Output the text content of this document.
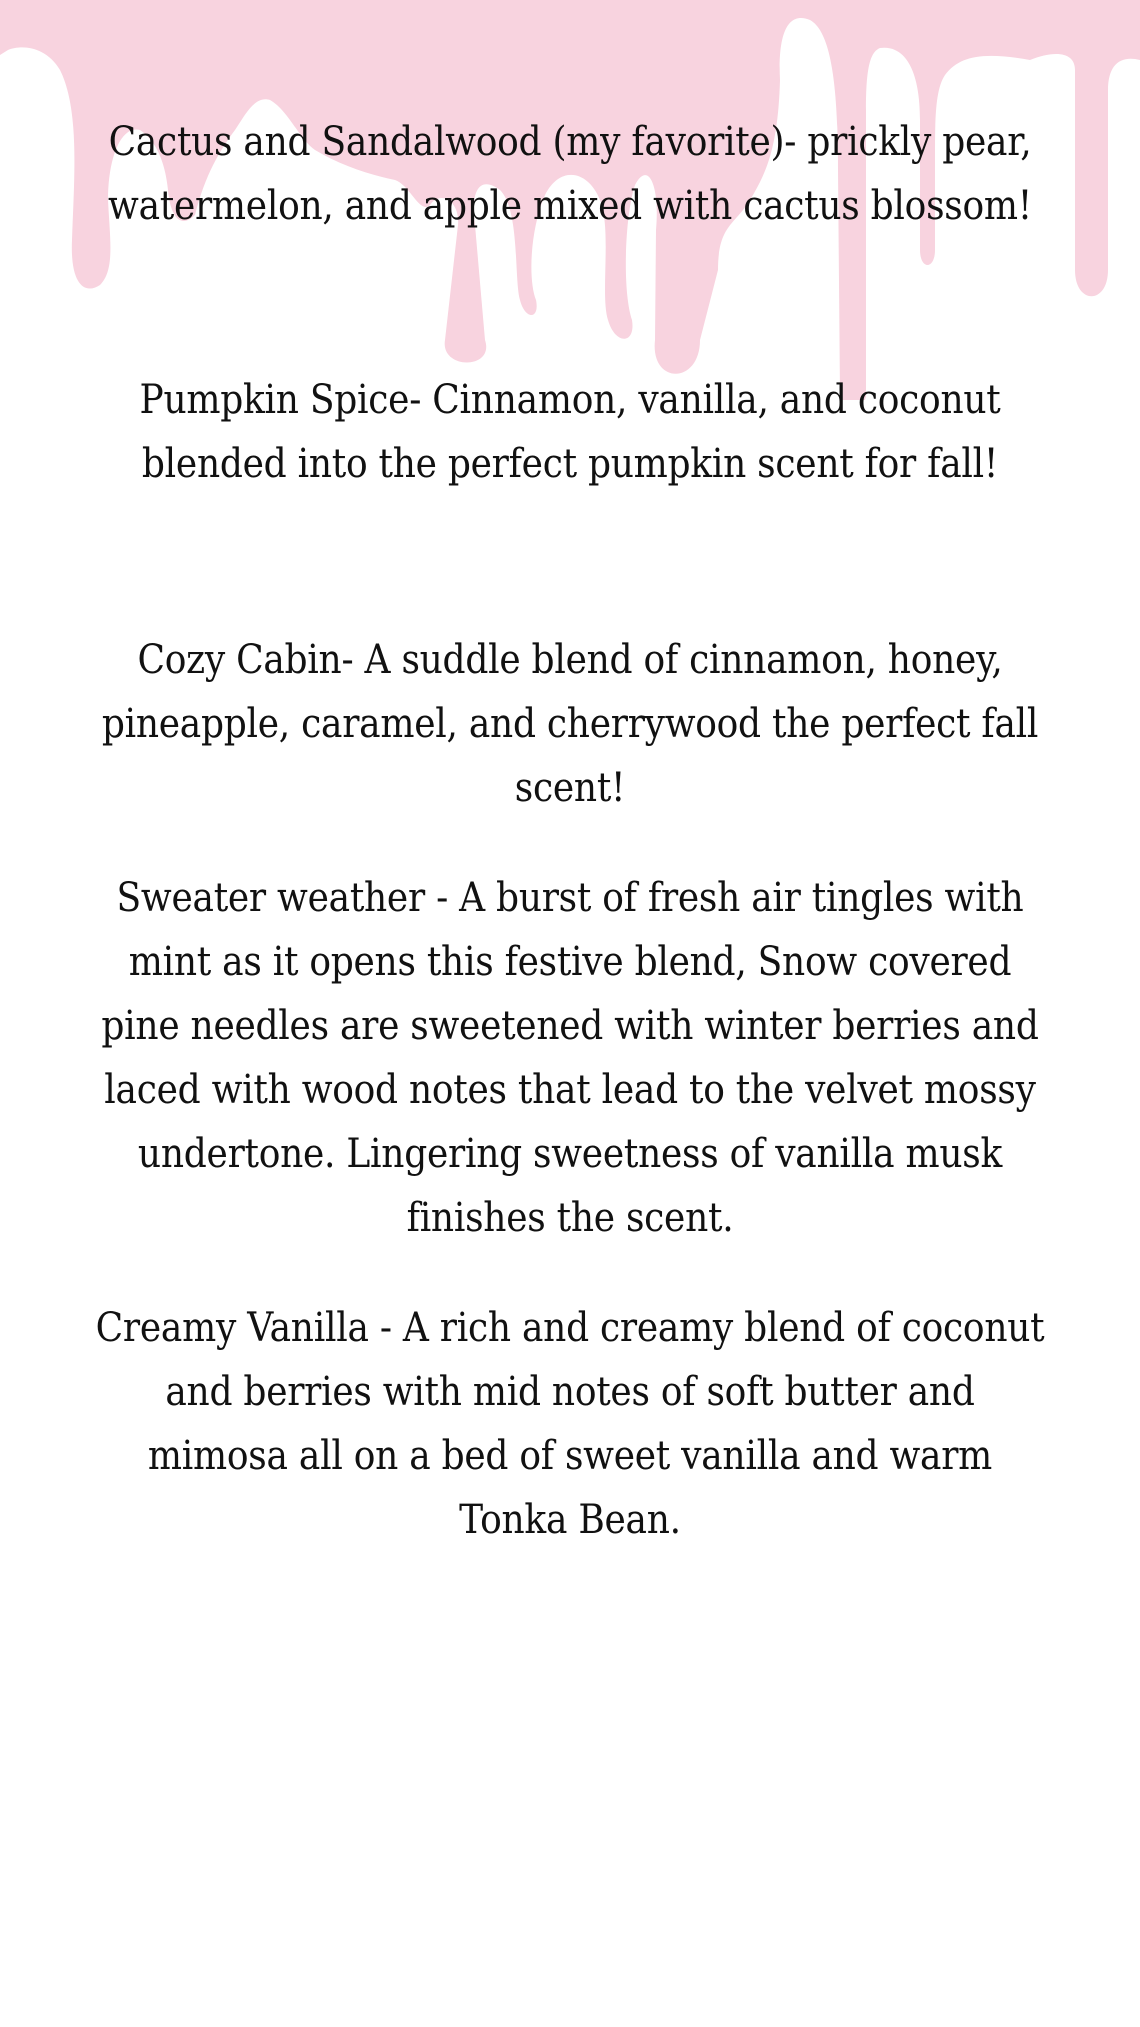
Cactus and Sandalwood (my favorite)- prickly pear, watermelon, and apple mixed with cactus blossom!

Pumpkin Spice- Cinnamon, vanilla, and coconut blended into the perfect pumpkin scent for fall!

Cozy Cabin- A suddle blend of cinnamon, honey, pineapple, caramel, and cherrywood the perfect fall scent!

Sweater weather - A burst of fresh air tingles with mint as it opens this festive blend, Snow covered pine needles are sweetened with winter berries and laced with wood notes that lead to the velvet mossy undertone. Lingering sweetness of vanilla musk finishes the scent.

Creamy Vanilla - A rich and creamy blend of coconut and berries with mid notes of soft butter and mimosa all on a bed of sweet vanilla and warm Tonka Bean.
